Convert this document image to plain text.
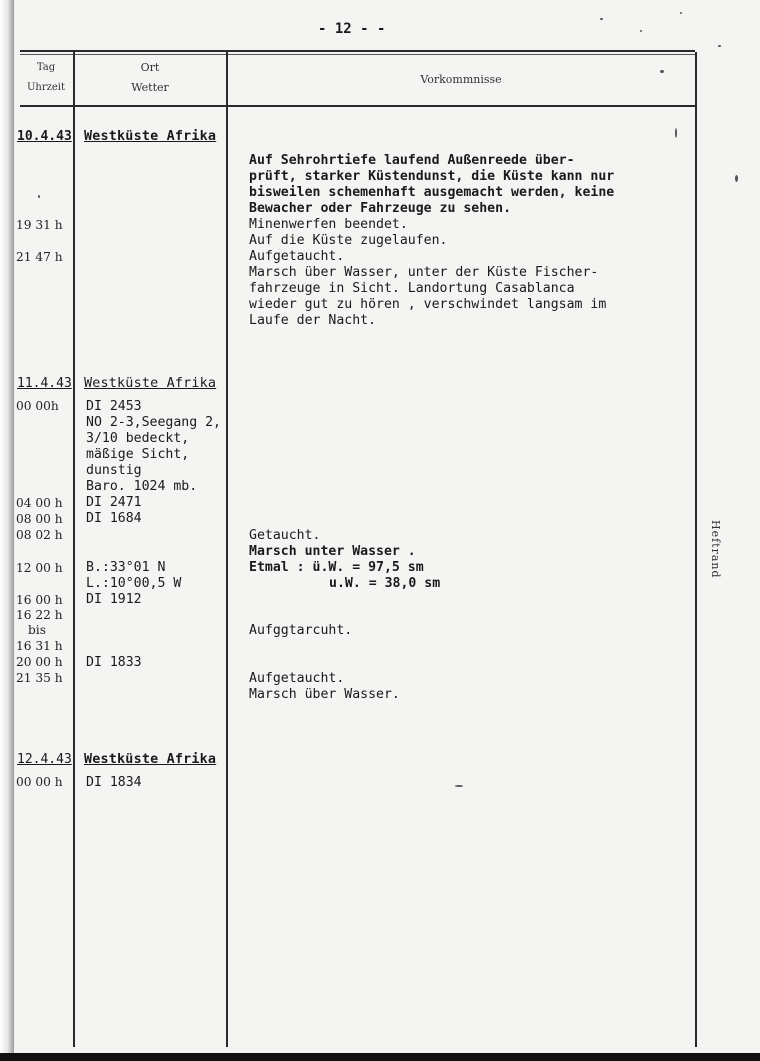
- 12 - -
Tag
Uhrzeit
Ort
Wetter
Vorkommnisse
10.4.43 Westküste Afrika
19 31 h
21 47 h
Auf Sehrohrtiefe laufend Außenreede über-
prüft, starker Küstendunst, die Küste kann nur
bisweilen schemenhaft ausgemacht werden, keine
Bewacher oder Fahrzeuge zu sehen.
Minenwerfen beendet.
Auf die Küste zugelaufen.
Aufgetaucht.
Marsch über Wasser, unter der Küste Fischer-
fahrzeuge in Sicht. Landortung Casablanca
wieder gut zu hören , verschwindet langsam im
Laufe der Nacht.
11.4.43 Westküste Afrika
00 00h
04 00 h
08 00 h
08 02 h
12 00 h
16 00 h
16 22 h
bis
16 31 h
20 00 h
21 35 h
DI 2453
NO 2-3,Seegang 2,
3/10 bedeckt,
mäßige Sicht,
dunstig
Baro. 1024 mb.
DI 2471
DI 1684
B.:33°01 N
L.:10°00,5 W
DI 1912
DI 1833
Getaucht.
Marsch unter Wasser .
Etmal : ü.W. = 97,5 sm
u.W. = 38,0 sm
Aufggtarcuht.
Aufgetaucht.
Marsch über Wasser.
12.4.43 Westküste Afrika
00 00 h DI 1834
Heftrand
